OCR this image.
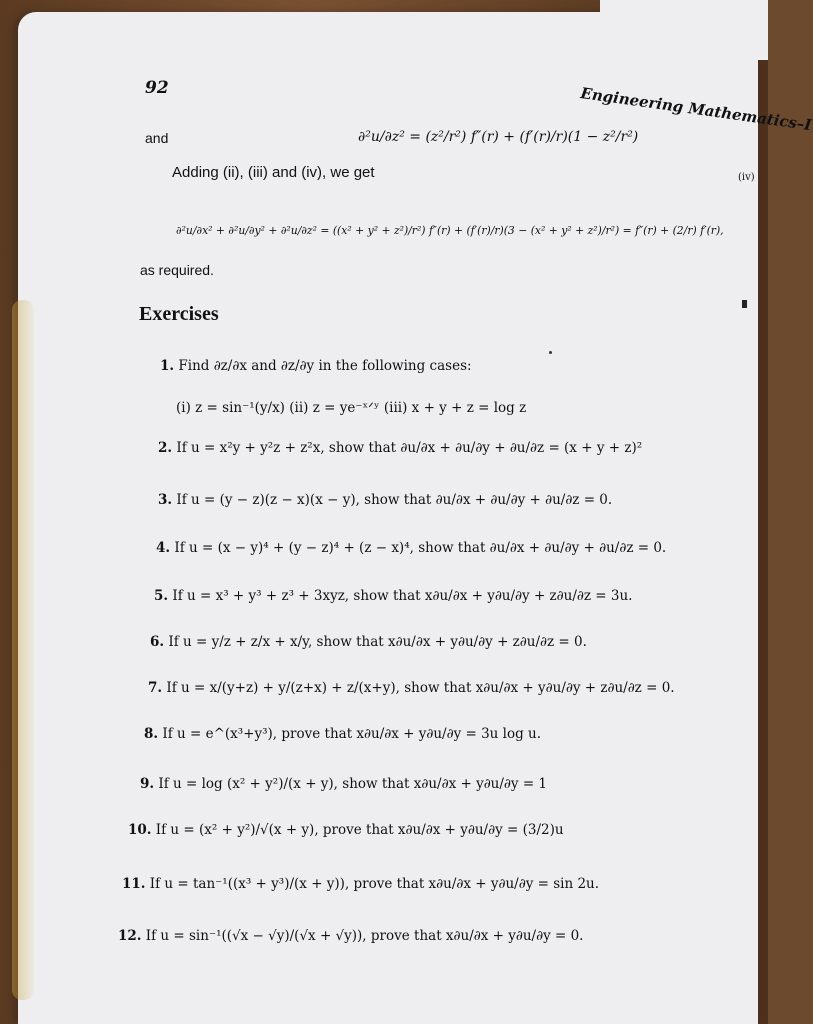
92	Engineering Mathematics–I
(iv)
and	∂²u/∂z² = (z²/r²) f″(r) + (f′(r)/r)(1 − z²/r²)
Adding (ii), (iii) and (iv), we get
∂²u/∂x² + ∂²u/∂y² + ∂²u/∂z² = ((x² + y² + z²)/r²) f″(r) + (f′(r)/r)(3 − (x² + y² + z²)/r²) = f″(r) + (2/r) f′(r),
as required.
Exercises
1. Find ∂z/∂x and ∂z/∂y in the following cases:
(i) z = sin⁻¹(y/x) (ii) z = ye⁻ˣᐟʸ (iii) x + y + z = log z
2. If u = x²y + y²z + z²x, show that ∂u/∂x + ∂u/∂y + ∂u/∂z = (x + y + z)²
3. If u = (y − z)(z − x)(x − y), show that ∂u/∂x + ∂u/∂y + ∂u/∂z = 0.
4. If u = (x − y)⁴ + (y − z)⁴ + (z − x)⁴, show that ∂u/∂x + ∂u/∂y + ∂u/∂z = 0.
5. If u = x³ + y³ + z³ + 3xyz, show that x∂u/∂x + y∂u/∂y + z∂u/∂z = 3u.
6. If u = y/z + z/x + x/y, show that x∂u/∂x + y∂u/∂y + z∂u/∂z = 0.
7. If u = x/(y+z) + y/(z+x) + z/(x+y), show that x∂u/∂x + y∂u/∂y + z∂u/∂z = 0.
8. If u = e^(x³+y³), prove that x∂u/∂x + y∂u/∂y = 3u log u.
9. If u = log (x² + y²)/(x + y), show that x∂u/∂x + y∂u/∂y = 1
10. If u = (x² + y²)/√(x + y), prove that x∂u/∂x + y∂u/∂y = (3/2)u
11. If u = tan⁻¹((x³ + y³)/(x + y)), prove that x∂u/∂x + y∂u/∂y = sin 2u.
12. If u = sin⁻¹((√x − √y)/(√x + √y)), prove that x∂u/∂x + y∂u/∂y = 0.
